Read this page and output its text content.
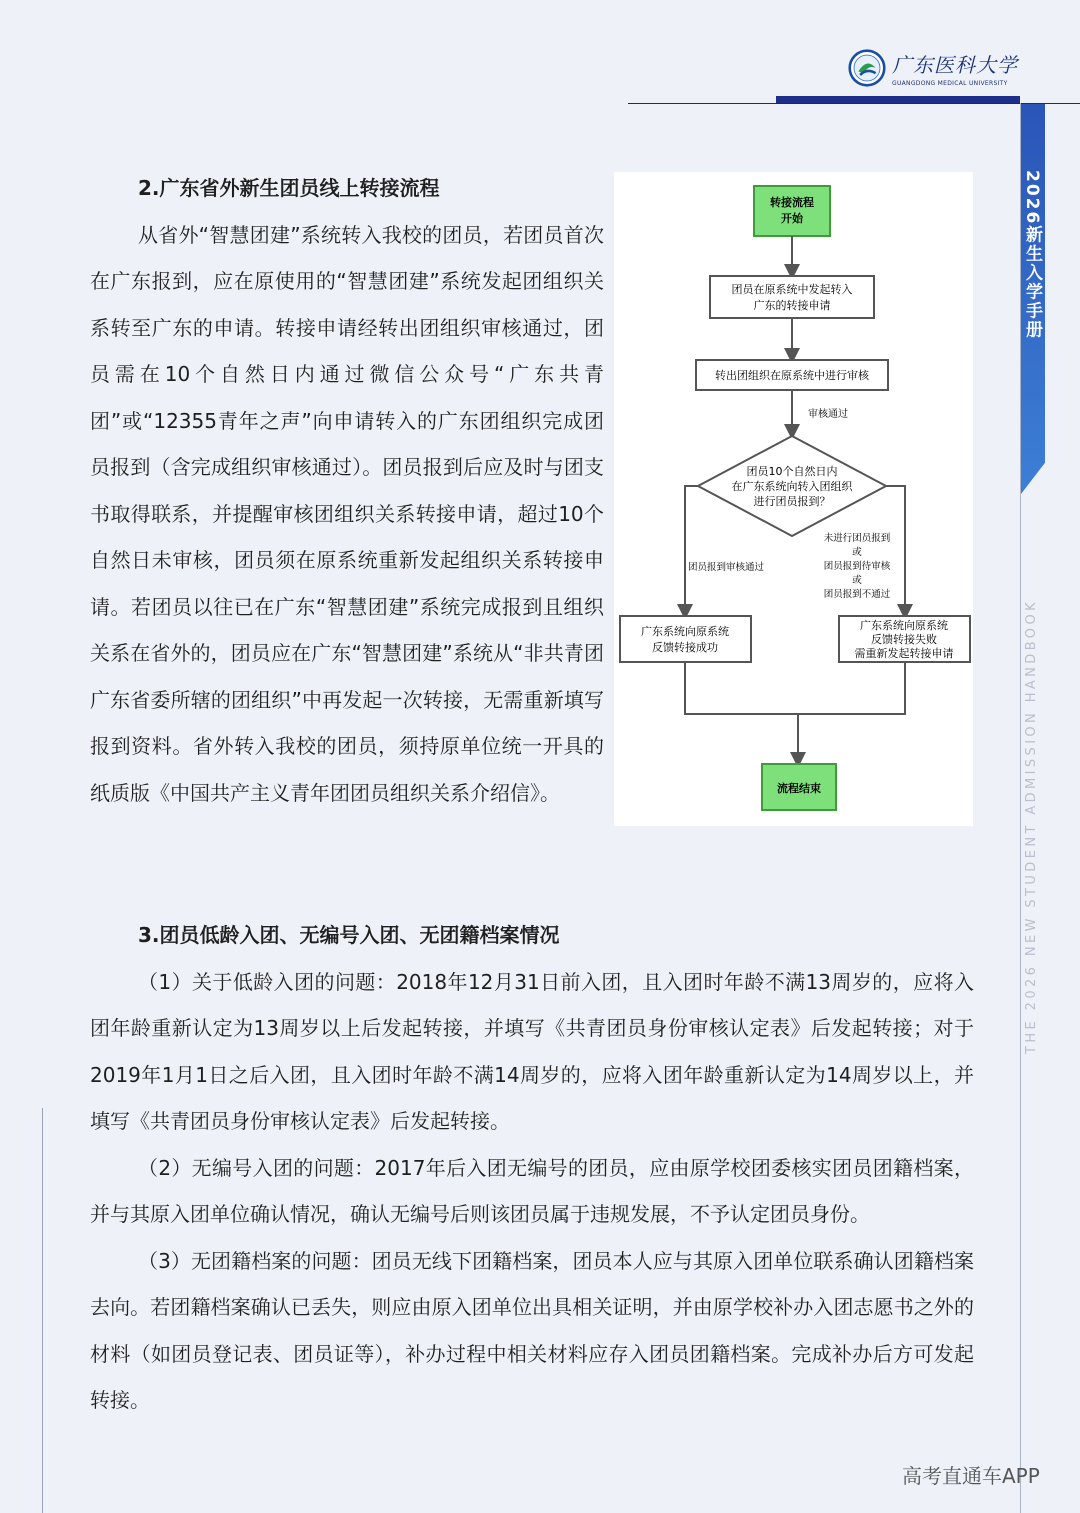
广东医科大学
GUANGDONG MEDICAL UNIVERSITY
2026新生入学手册
THE 2026 NEW STUDENT ADMISSION HANDBOOK
2.广东省外新生团员线上转接流程
从省外“智慧团建”系统转入我校的团员，若团员首次在广东报到，应在原使用的“智慧团建”系统发起团组织关系转至广东的申请。转接申请经转出团组织审核通过，团员需在10个自然日内通过微信公众号“广东共青团”或“12355青年之声”向申请转入的广东团组织完成团员报到（含完成组织审核通过）。团员报到后应及时与团支书取得联系，并提醒审核团组织关系转接申请，超过10个自然日未审核，团员须在原系统重新发起组织关系转接申请。若团员以往已在广东“智慧团建”系统完成报到且组织关系在省外的，团员应在广东“智慧团建”系统从“非共青团广东省委所辖的团组织”中再发起一次转接，无需重新填写报到资料。省外转入我校的团员，须持原单位统一开具的纸质版《中国共产主义青年团团员组织关系介绍信》。
转接流程
开始
团员在原系统中发起转入
广东的转接申请
转出团组织在原系统中进行审核
审核通过
团员10个自然日内
在广东系统向转入团组织
进行团员报到？
团员报到审核通过
未进行团员报到
或
团员报到待审核
或
团员报到不通过
广东系统向原系统
反馈转接成功
广东系统向原系统
反馈转接失败
需重新发起转接申请
流程结束
3.团员低龄入团、无编号入团、无团籍档案情况
（1）关于低龄入团的问题：2018年12月31日前入团，且入团时年龄不满13周岁的，应将入团年龄重新认定为13周岁以上后发起转接，并填写《共青团员身份审核认定表》后发起转接；对于2019年1月1日之后入团，且入团时年龄不满14周岁的，应将入团年龄重新认定为14周岁以上，并填写《共青团员身份审核认定表》后发起转接。
（2）无编号入团的问题：2017年后入团无编号的团员，应由原学校团委核实团员团籍档案，并与其原入团单位确认情况，确认无编号后则该团员属于违规发展，不予认定团员身份。
（3）无团籍档案的问题：团员无线下团籍档案，团员本人应与其原入团单位联系确认团籍档案去向。若团籍档案确认已丢失，则应由原入团单位出具相关证明，并由原学校补办入团志愿书之外的材料（如团员登记表、团员证等），补办过程中相关材料应存入团员团籍档案。完成补办后方可发起转接。
高考直通车APP
